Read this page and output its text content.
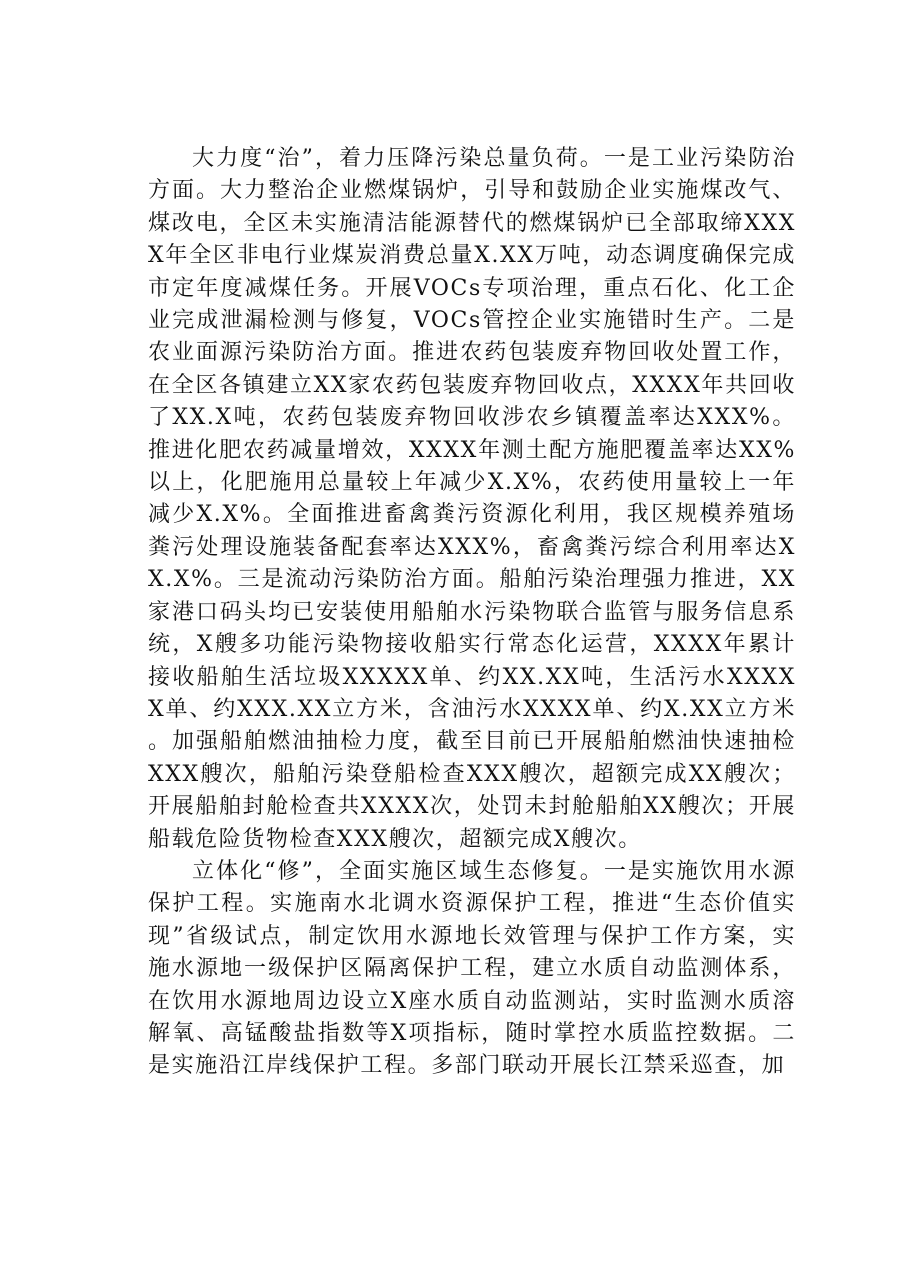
大力度“治”，着力压降污染总量负荷。一是工业污染防治方面。大力整治企业燃煤锅炉，引导和鼓励企业实施煤改气、煤改电，全区未实施清洁能源替代的燃煤锅炉已全部取缔XXXX年全区非电行业煤炭消费总量X.XX万吨，动态调度确保完成市定年度减煤任务。开展VOCs专项治理，重点石化、化工企业完成泄漏检测与修复，VOCs管控企业实施错时生产。二是农业面源污染防治方面。推进农药包装废弃物回收处置工作，在全区各镇建立XX家农药包装废弃物回收点，XXXX年共回收了XX.X吨，农药包装废弃物回收涉农乡镇覆盖率达XXX%。推进化肥农药减量增效，XXXX年测土配方施肥覆盖率达XX%以上，化肥施用总量较上年减少X.X%，农药使用量较上一年减少X.X%。全面推进畜禽粪污资源化利用，我区规模养殖场粪污处理设施装备配套率达XXX%，畜禽粪污综合利用率达XX.X%。三是流动污染防治方面。船舶污染治理强力推进，XX家港口码头均已安装使用船舶水污染物联合监管与服务信息系统，X艘多功能污染物接收船实行常态化运营，XXXX年累计接收船舶生活垃圾XXXXX单、约XX.XX吨，生活污水XXXXX单、约XXX.XX立方米，含油污水XXXX单、约X.XX立方米。加强船舶燃油抽检力度，截至目前已开展船舶燃油快速抽检XXX艘次，船舶污染登船检查XXX艘次，超额完成XX艘次；开展船舶封舱检查共XXXX次，处罚未封舱船舶XX艘次；开展船载危险货物检查XXX艘次，超额完成X艘次。

立体化“修”，全面实施区域生态修复。一是实施饮用水源保护工程。实施南水北调水资源保护工程，推进“生态价值实现”省级试点，制定饮用水源地长效管理与保护工作方案，实施水源地一级保护区隔离保护工程，建立水质自动监测体系，在饮用水源地周边设立X座水质自动监测站，实时监测水质溶解氧、高锰酸盐指数等X项指标，随时掌控水质监控数据。二是实施沿江岸线保护工程。多部门联动开展长江禁采巡查，加
